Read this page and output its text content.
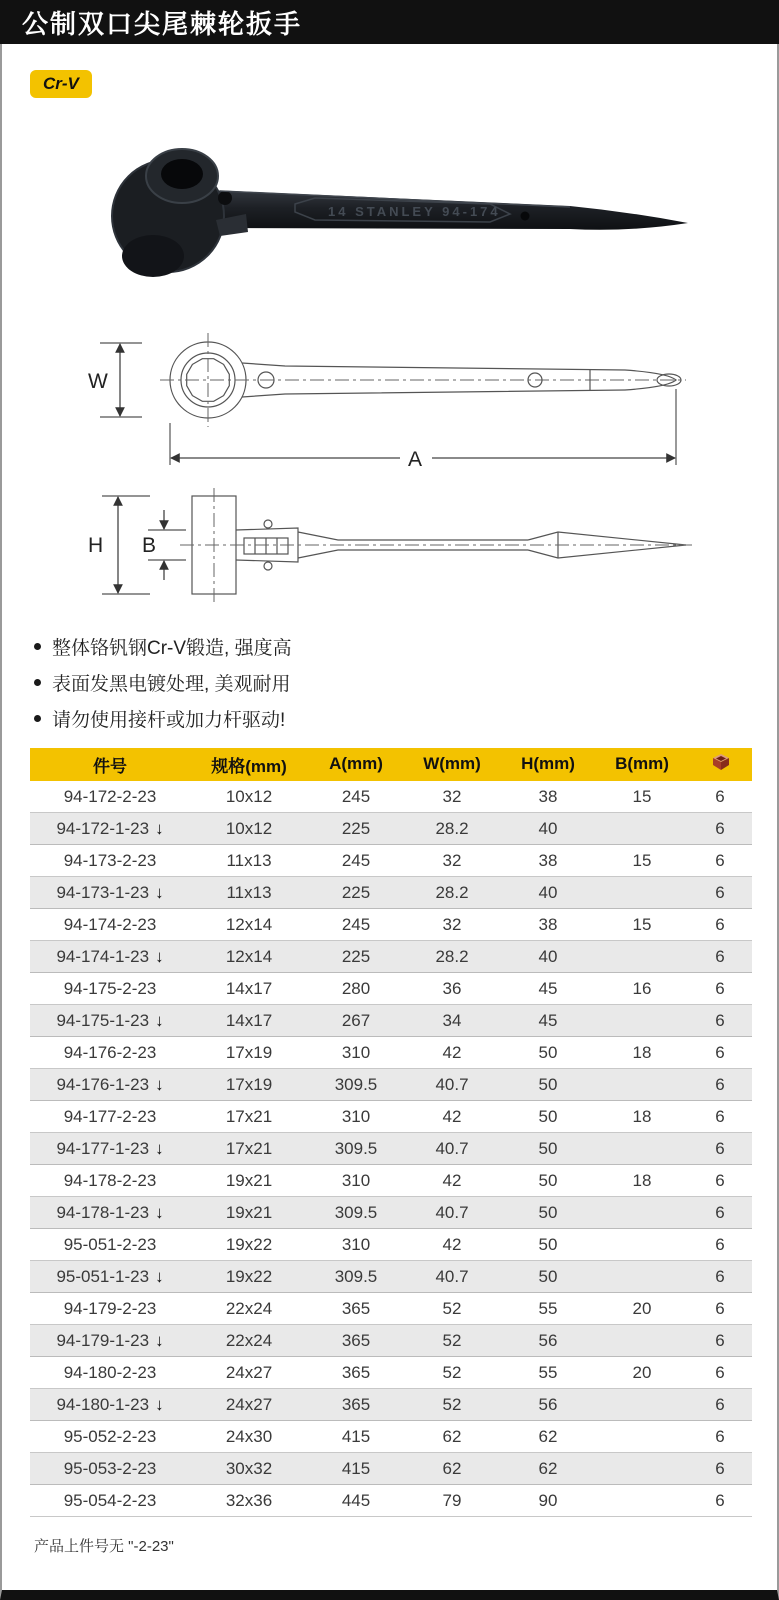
公制双口尖尾棘轮扳手
Cr-V
14 STANLEY 94-174
W
A
H B
整体铬钒钢Cr-V锻造, 强度高
表面发黑电镀处理, 美观耐用
请勿使用接杆或加力杆驱动!
件号	规格(mm)	A(mm)	W(mm)	H(mm)	B(mm)	
94-172-2-23	10x12	245	32	38	15	6
94-172-1-23 ↓	10x12	225	28.2	40		6
94-173-2-23	11x13	245	32	38	15	6
94-173-1-23 ↓	11x13	225	28.2	40		6
94-174-2-23	12x14	245	32	38	15	6
94-174-1-23 ↓	12x14	225	28.2	40		6
94-175-2-23	14x17	280	36	45	16	6
94-175-1-23 ↓	14x17	267	34	45		6
94-176-2-23	17x19	310	42	50	18	6
94-176-1-23 ↓	17x19	309.5	40.7	50		6
94-177-2-23	17x21	310	42	50	18	6
94-177-1-23 ↓	17x21	309.5	40.7	50		6
94-178-2-23	19x21	310	42	50	18	6
94-178-1-23 ↓	19x21	309.5	40.7	50		6
95-051-2-23	19x22	310	42	50		6
95-051-1-23 ↓	19x22	309.5	40.7	50		6
94-179-2-23	22x24	365	52	55	20	6
94-179-1-23 ↓	22x24	365	52	56		6
94-180-2-23	24x27	365	52	55	20	6
94-180-1-23 ↓	24x27	365	52	56		6
95-052-2-23	24x30	415	62	62		6
95-053-2-23	30x32	415	62	62		6
95-054-2-23	32x36	445	79	90		6
产品上件号无 "-2-23"
